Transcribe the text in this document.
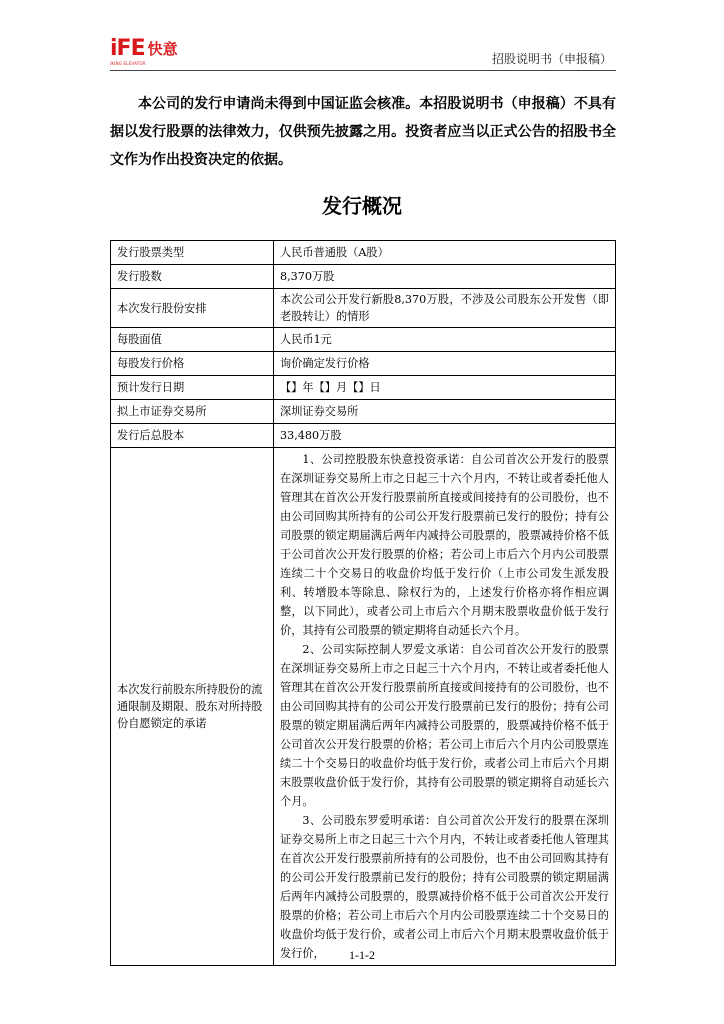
iFE 快意
IKING ELEVATOR	招股说明书（申报稿）
本公司的发行申请尚未得到中国证监会核准。本招股说明书（申报稿）不具有据以发行股票的法律效力，仅供预先披露之用。投资者应当以正式公告的招股书全文作为作出投资决定的依据。
发行概况
发行股票类型	人民币普通股（A股）
发行股数	8,370万股
本次发行股份安排	本次公司公开发行新股8,370万股，不涉及公司股东公开发售（即老股转让）的情形
每股面值	人民币1元
每股发行价格	询价确定发行价格
预计发行日期	【】年【】月【】日
拟上市证券交易所	深圳证券交易所
发行后总股本	33,480万股
本次发行前股东所持股份的流通限制及期限、股东对所持股份自愿锁定的承诺	1、公司控股股东快意投资承诺：自公司首次公开发行的股票在深圳证券交易所上市之日起三十六个月内，不转让或者委托他人管理其在首次公开发行股票前所直接或间接持有的公司股份，也不由公司回购其所持有的公司公开发行股票前已发行的股份；持有公司股票的锁定期届满后两年内减持公司股票的，股票减持价格不低于公司首次公开发行股票的价格；若公司上市后六个月内公司股票连续二十个交易日的收盘价均低于发行价（上市公司发生派发股利、转增股本等除息、除权行为的，上述发行价格亦将作相应调整，以下同此），或者公司上市后六个月期末股票收盘价低于发行价，其持有公司股票的锁定期将自动延长六个月。

2、公司实际控制人罗爱文承诺：自公司首次公开发行的股票在深圳证券交易所上市之日起三十六个月内，不转让或者委托他人管理其在首次公开发行股票前所直接或间接持有的公司股份，也不由公司回购其持有的公司公开发行股票前已发行的股份；持有公司股票的锁定期届满后两年内减持公司股票的，股票减持价格不低于公司首次公开发行股票的价格；若公司上市后六个月内公司股票连续二十个交易日的收盘价均低于发行价，或者公司上市后六个月期末股票收盘价低于发行价，其持有公司股票的锁定期将自动延长六个月。

3、公司股东罗爱明承诺：自公司首次公开发行的股票在深圳证券交易所上市之日起三十六个月内，不转让或者委托他人管理其在首次公开发行股票前所持有的公司股份，也不由公司回购其持有的公司公开发行股票前已发行的股份；持有公司股票的锁定期届满后两年内减持公司股票的，股票减持价格不低于公司首次公开发行股票的价格；若公司上市后六个月内公司股票连续二十个交易日的收盘价均低于发行价，或者公司上市后六个月期末股票收盘价低于发行价，	1-1-2
